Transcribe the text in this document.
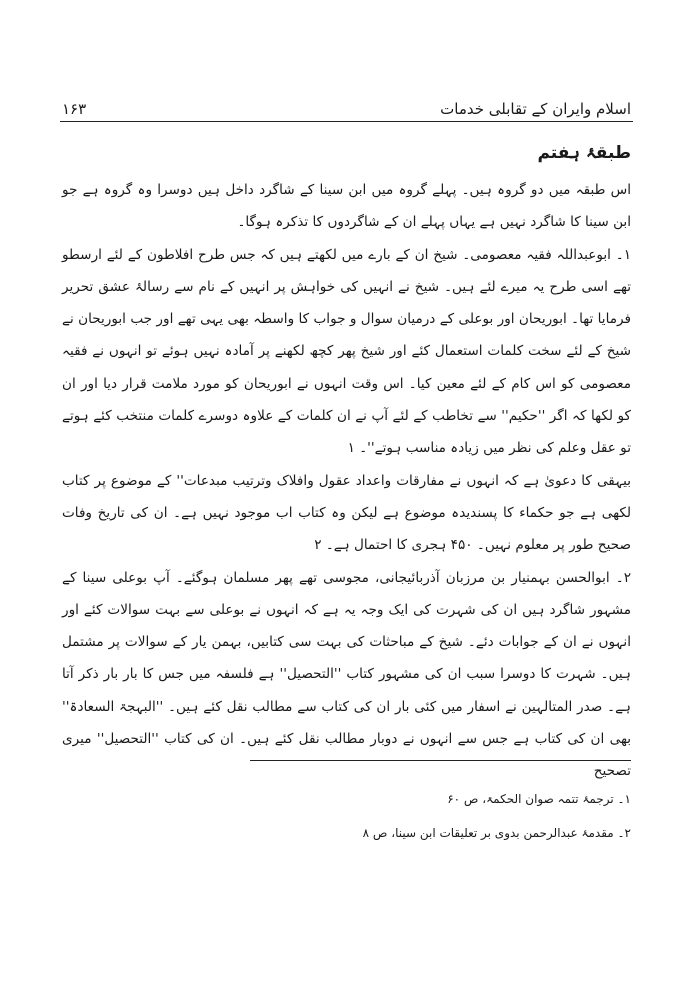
۱۶۳	اسلام وایران کے تقابلی خدمات
طبقۂ ہفتم

اس طبقہ میں دو گروہ ہیں۔ پہلے گروہ میں ابن سینا کے شاگرد داخل ہیں دوسرا وہ گروہ ہے جو ابن سینا کا شاگرد نہیں ہے یہاں پہلے ان کے شاگردوں کا تذکرہ ہوگا۔

۱۔ ابوعبداللہ فقیہ معصومی۔ شیخ ان کے بارے میں لکھتے ہیں کہ جس طرح افلاطون کے لئے ارسطو تھے اسی طرح یہ میرے لئے ہیں۔ شیخ نے انہیں کی خواہش پر انہیں کے نام سے رسالۂ عشق تحریر فرمایا تھا۔ ابوریحان اور بوعلی کے درمیان سوال و جواب کا واسطہ بھی یہی تھے اور جب ابوریحان نے شیخ کے لئے سخت کلمات استعمال کئے اور شیخ پھر کچھ لکھنے پر آمادہ نہیں ہوئے تو انہوں نے فقیہ معصومی کو اس کام کے لئے معین کیا۔ اس وقت انہوں نے ابوریحان کو مورد ملامت قرار دیا اور ان کو لکھا کہ اگر ''حکیم'' سے تخاطب کے لئے آپ نے ان کلمات کے علاوہ دوسرے کلمات منتخب کئے ہوتے تو عقل وعلم کی نظر میں زیادہ مناسب ہوتے''۔ ۱

بیہقی کا دعویٰ ہے کہ انہوں نے مفارقات واعداد عقول وافلاک وترتیب مبدعات'' کے موضوع پر کتاب لکھی ہے جو حکماء کا پسندیدہ موضوع ہے لیکن وہ کتاب اب موجود نہیں ہے۔ ان کی تاریخ وفات صحیح طور پر معلوم نہیں۔ ۴۵۰ ہجری کا احتمال ہے۔ ۲

۲۔ ابوالحسن بہمنیار بن مرزبان آذربائیجانی، مجوسی تھے پھر مسلمان ہوگئے۔ آپ بوعلی سینا کے مشہور شاگرد ہیں ان کی شہرت کی ایک وجہ یہ ہے کہ انہوں نے بوعلی سے بہت سوالات کئے اور انہوں نے ان کے جوابات دئے۔ شیخ کے مباحثات کی بہت سی کتابیں، بہمن یار کے سوالات پر مشتمل ہیں۔ شہرت کا دوسرا سبب ان کی مشہور کتاب ''التحصیل'' ہے فلسفہ میں جس کا بار بار ذکر آتا ہے۔ صدر المتالہین نے اسفار میں کئی بار ان کی کتاب سے مطالب نقل کئے ہیں۔ ''البہجۃ السعادۃ'' بھی ان کی کتاب ہے جس سے انہوں نے دوبار مطالب نقل کئے ہیں۔ ان کی کتاب ''التحصیل'' میری تصحیح

۱۔ ترجمۂ تتمہ صوان الحکمۃ، ص ۶۰

۲۔ مقدمۂ عبدالرحمن بدوی بر تعلیقات ابن سینا، ص ۸
